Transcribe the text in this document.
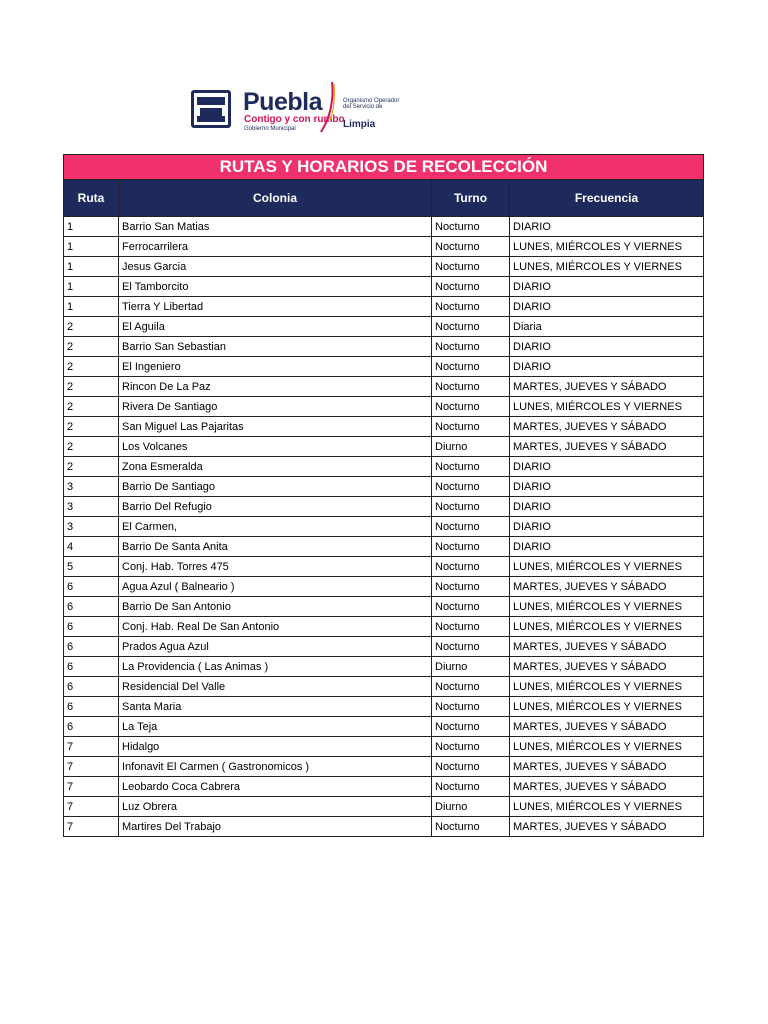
Puebla
Contigo y con rumbo
Gobierno Municipal
Organismo Operador del Servicio de
Limpia
RUTAS Y HORARIOS DE RECOLECCIÓN			
Ruta	Colonia	Turno	Frecuencia
1	Barrio San Matias	Nocturno	DIARIO
1	Ferrocarrilera	Nocturno	LUNES, MIÉRCOLES Y VIERNES
1	Jesus Garcia	Nocturno	LUNES, MIÉRCOLES Y VIERNES
1	El Tamborcito	Nocturno	DIARIO
1	Tierra Y Libertad	Nocturno	DIARIO
2	El Aguila	Nocturno	Diaria
2	Barrio San Sebastian	Nocturno	DIARIO
2	El Ingeniero	Nocturno	DIARIO
2	Rincon De La Paz	Nocturno	MARTES, JUEVES Y SÁBADO
2	Rivera De Santiago	Nocturno	LUNES, MIÉRCOLES Y VIERNES
2	San Miguel Las Pajaritas	Nocturno	MARTES, JUEVES Y SÁBADO
2	Los Volcanes	Diurno	MARTES, JUEVES Y SÁBADO
2	Zona Esmeralda	Nocturno	DIARIO
3	Barrio De Santiago	Nocturno	DIARIO
3	Barrio Del Refugio	Nocturno	DIARIO
3	El Carmen,	Nocturno	DIARIO
4	Barrio De Santa Anita	Nocturno	DIARIO
5	Conj. Hab. Torres 475	Nocturno	LUNES, MIÉRCOLES Y VIERNES
6	Agua Azul ( Balneario )	Nocturno	MARTES, JUEVES Y SÁBADO
6	Barrio De San Antonio	Nocturno	LUNES, MIÉRCOLES Y VIERNES
6	Conj. Hab. Real De San Antonio	Nocturno	LUNES, MIÉRCOLES Y VIERNES
6	Prados Agua Azul	Nocturno	MARTES, JUEVES Y SÁBADO
6	La Providencia ( Las Animas )	Diurno	MARTES, JUEVES Y SÁBADO
6	Residencial Del Valle	Nocturno	LUNES, MIÉRCOLES Y VIERNES
6	Santa Maria	Nocturno	LUNES, MIÉRCOLES Y VIERNES
6	La Teja	Nocturno	MARTES, JUEVES Y SÁBADO
7	Hidalgo	Nocturno	LUNES, MIÉRCOLES Y VIERNES
7	Infonavit El Carmen ( Gastronomicos )	Nocturno	MARTES, JUEVES Y SÁBADO
7	Leobardo Coca Cabrera	Nocturno	MARTES, JUEVES Y SÁBADO
7	Luz Obrera	Diurno	LUNES, MIÉRCOLES Y VIERNES
7	Martires Del Trabajo	Nocturno	MARTES, JUEVES Y SÁBADO
